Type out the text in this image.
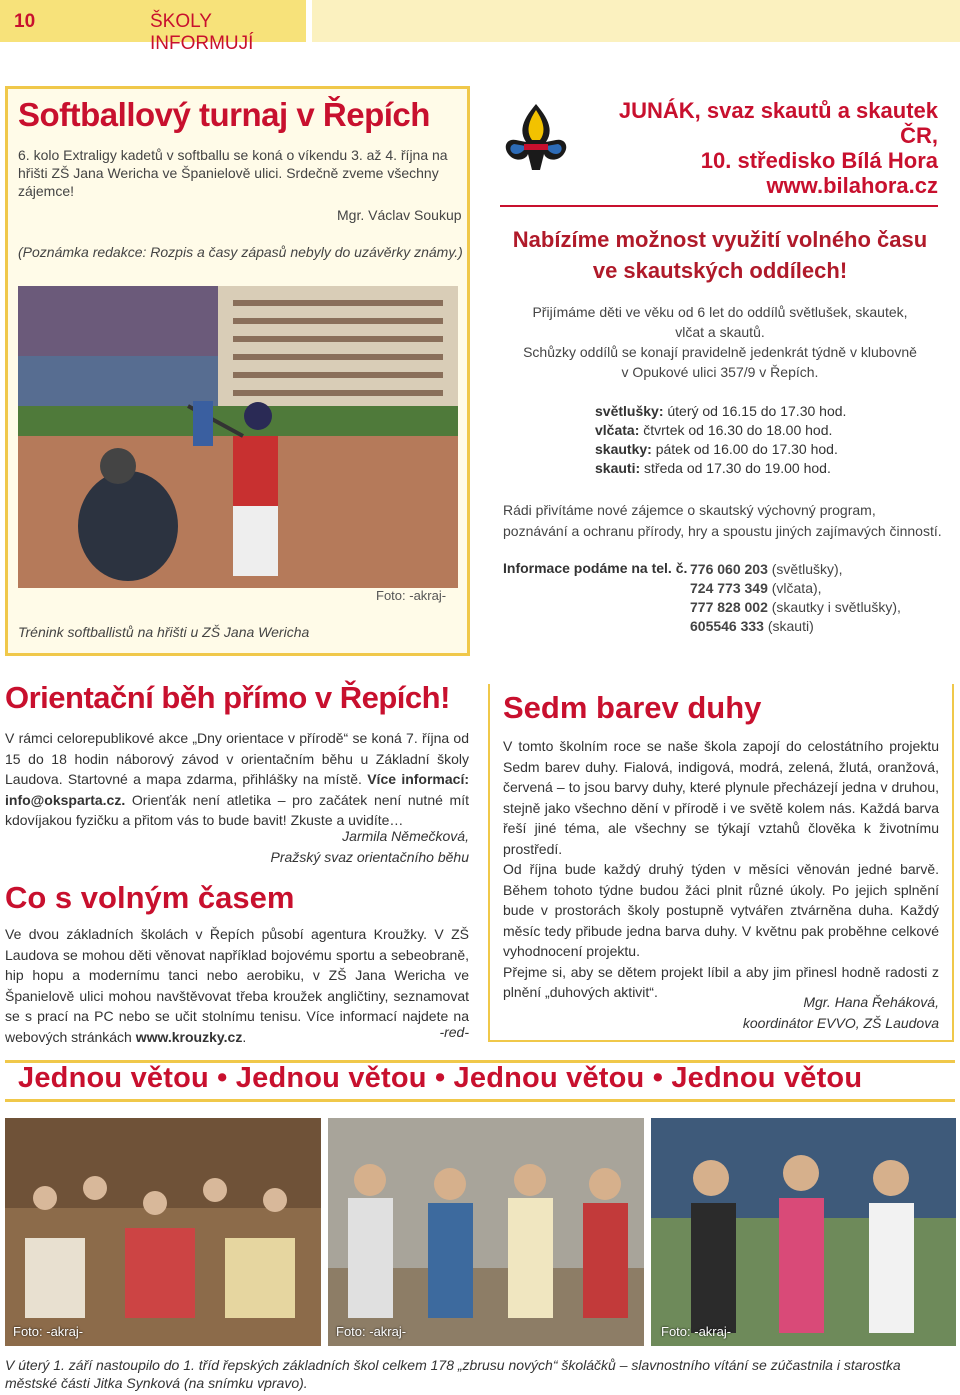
10	ŠKOLY INFORMUJÍ
Softballový turnaj v Řepích
6. kolo Extraligy kadetů v softballu se koná o víkendu 3. až 4. října na hřišti ZŠ Jana Wericha ve Španielově ulici. Srdečně zveme všechny zájemce!
Mgr. Václav Soukup
(Poznámka redakce: Rozpis a časy zápasů nebyly do uzávěrky známy.)
Foto: -akraj-
Trénink softballistů na hřišti u ZŠ Jana Wericha
JUNÁK, svaz skautů a skautek ČR,
10. středisko Bílá Hora
www.bilahora.cz
Nabízíme možnost využití volného času
ve skautských oddílech!
Přijímáme děti ve věku od 6 let do oddílů světlušek, skautek,
vlčat a skautů.
Schůzky oddílů se konají pravidelně jedenkrát týdně v klubovně
v Opukové ulici 357/9 v Řepích.
světlušky: úterý od 16.15 do 17.30 hod.
vlčata: čtvrtek od 16.30 do 18.00 hod.
skautky: pátek od 16.00 do 17.30 hod.
skauti: středa od 17.30 do 19.00 hod.
Rádi přivítáme nové zájemce o skautský výchovný program, poznávání a ochranu přírody, hry a spoustu jiných zajímavých činností.
Informace podáme na tel. č. 776 060 203 (světlušky),
724 773 349 (vlčata),
777 828 002 (skautky i světlušky),
605546 333 (skauti)
Orientační běh přímo v Řepích!
V rámci celorepublikové akce „Dny orientace v přírodě“ se koná 7. října od 15 do 18 hodin náborový závod v orientačním běhu u Základní školy Laudova. Startovné a mapa zdarma, přihlášky na místě. Více informací: info@oksparta.cz. Orienťák není atletika – pro začátek není nutné mít kdovíjakou fyzičku a přitom vás to bude bavit! Zkuste a uvidíte…
Jarmila Němečková,
Pražský svaz orientačního běhu
Co s volným časem
Ve dvou základních školách v Řepích působí agentura Kroužky. V ZŠ Laudova se mohou děti věnovat například bojovému sportu a sebeobraně, hip hopu a modernímu tanci nebo aerobiku, v ZŠ Jana Wericha ve Španielově ulici mohou navštěvovat třeba kroužek angličtiny, seznamovat se s prací na PC nebo se učit stolnímu tenisu. Více informací najdete na webových stránkách www.krouzky.cz.	-red-
Sedm barev duhy
V tomto školním roce se naše škola zapojí do celostátního projektu Sedm barev duhy. Fialová, indigová, modrá, zelená, žlutá, oranžová, červená – to jsou barvy duhy, které plynule přecházejí jedna v druhou, stejně jako všechno dění v přírodě i ve světě kolem nás. Každá barva řeší jiné téma, ale všechny se týkají vztahů člověka k životnímu prostředí.
Od října bude každý druhý týden v měsíci věnován jedné barvě. Během tohoto týdne budou žáci plnit různé úkoly. Po jejich splnění bude v prostorách školy postupně vytvářen ztvárněna duha. Každý měsíc tedy přibude jedna barva duhy. V květnu pak proběhne celkové vyhodnocení projektu.
Přejme si, aby se dětem projekt líbil a aby jim přinesl hodně radosti z plnění „duhových aktivit“.
Mgr. Hana Řeháková,
koordinátor EVVO, ZŠ Laudova
Jednou větou • Jednou větou • Jednou větou • Jednou větou
Foto: -akraj-	Foto: -akraj-	Foto: -akraj-
V úterý 1. září nastoupilo do 1. tříd řepských základních škol celkem 178 „zbrusu nových“ školáčků – slavnostního vítání se zúčastnila i starostka městské části Jitka Synková (na snímku vpravo).
